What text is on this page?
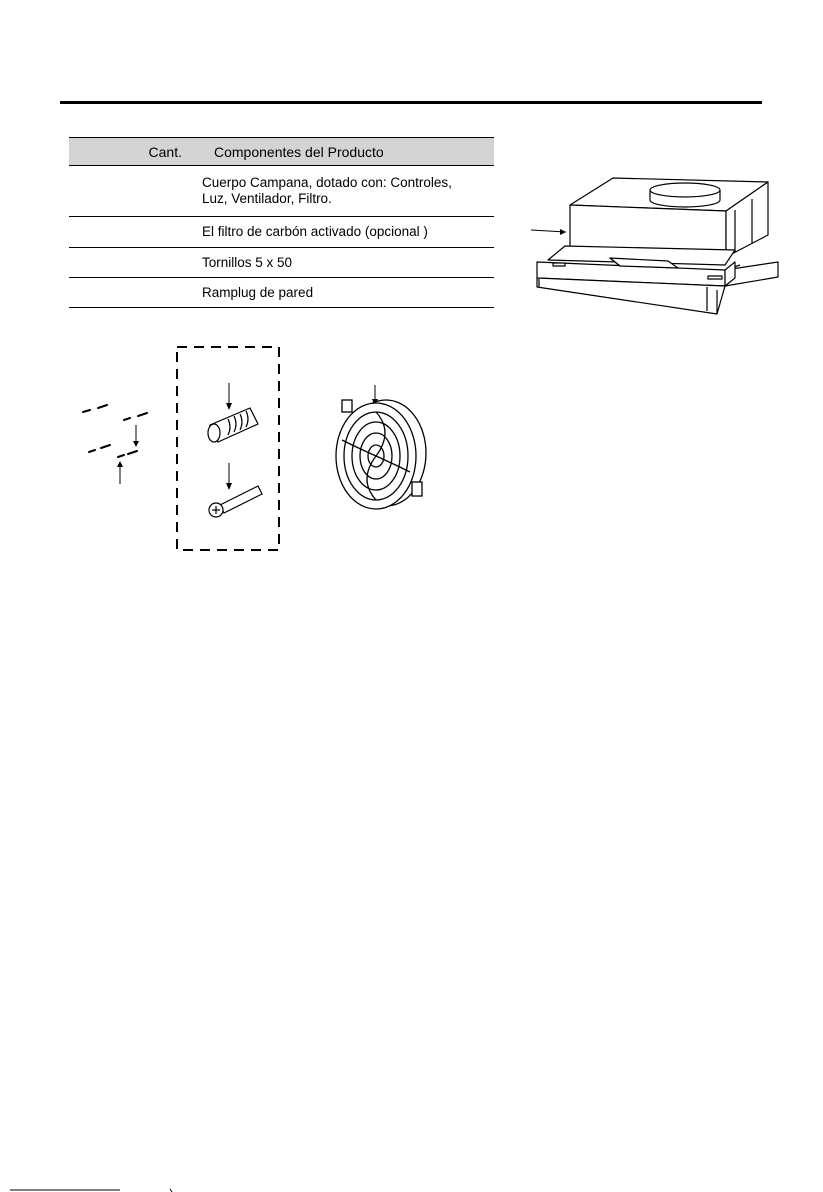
Cant.	Componentes del Producto

	Cuerpo Campana, dotado con: Controles,
Luz, Ventilador, Filtro.

	El filtro de carbón activado (opcional )
	Tornillos 5 x 50
	Ramplug de pared
